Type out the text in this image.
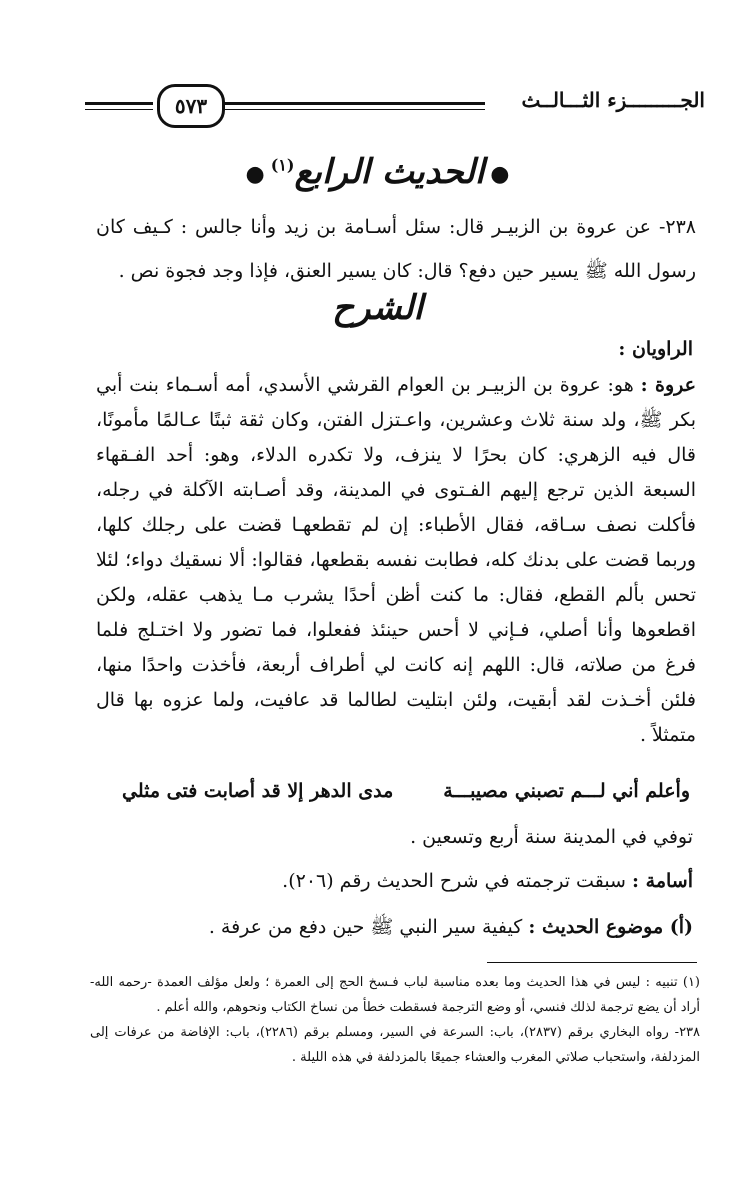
٥٧٣	الجـــــــــزء الثـــالــث
●الحديث الرابع$^{(١)}$●
٢٣٨- عن عروة بن الزبيـر قال: سئل أسـامة بن زيد وأنا جالس : كـيف كان رسول الله ﷺ يسير حين دفع؟ قال: كان يسير العنق، فإذا وجد فجوة نص .
الشرح
الراويان :
عروة : هو: عروة بن الزبيـر بن العوام القرشي الأسدي، أمه أسـماء بنت أبي بكر ﷺ، ولد سنة ثلاث وعشرين، واعـتزل الفتن، وكان ثقة ثبتًا عـالمًا مأمونًا، قال فيه الزهري: كان بحرًا لا ينزف، ولا تكدره الدلاء، وهو: أحد الفـقهاء السبعة الذين ترجع إليهم الفـتوى في المدينة، وقد أصـابته الآكلة في رجله، فأكلت نصف سـاقه، فقال الأطباء: إن لم تقطعهـا قضت على رجلك كلها، وربما قضت على بدنك كله، فطابت نفسه بقطعها، فقالوا: ألا نسقيك دواء؛ لئلا تحس بألم القطع، فقال: ما كنت أظن أحدًا يشرب مـا يذهب عقله، ولكن اقطعوها وأنا أصلي، فـإني لا أحس حينئذ ففعلوا، فما تضور ولا اختـلج فلما فرغ من صلاته، قال: اللهم إنه كانت لي أطراف أربعة، فأخذت واحدًا منها، فلئن أخـذت لقد أبقيت، ولئن ابتليت لطالما قد عافيت، ولما عزوه بها قال متمثلاً .
وأعلم أني لـــم تصبني مصيبـــة
مدى الدهر إلا قد أصابت فتى مثلي
توفي في المدينة سنة أربع وتسعين .
أسامة : سبقت ترجمته في شرح الحديث رقم (٢٠٦).
(أ) موضوع الحديث : كيفية سير النبي ﷺ حين دفع من عرفة .

(١) تنبيه : ليس في هذا الحديث وما بعده مناسبة لباب فـسخ الحج إلى العمرة ؛ ولعل مؤلف العمدة -رحمه الله- أراد أن يضع ترجمة لذلك فنسي، أو وضع الترجمة فسقطت خطأ من نساخ الكتاب ونحوهم، والله أعلم .

٢٣٨- رواه البخاري برقم (٢٨٣٧)، باب: السرعة في السير، ومسلم برقم (٢٢٨٦)، باب: الإفاضة من عرفات إلى المزدلفة، واستحباب صلاتي المغرب والعشاء جميعًا بالمزدلفة في هذه الليلة .
